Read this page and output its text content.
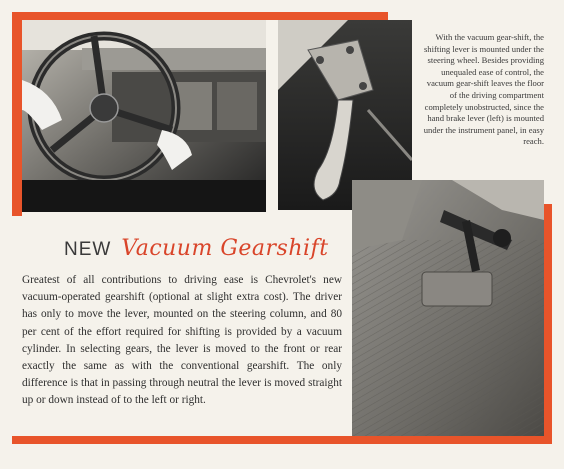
With the vacuum gear-shift, the shifting lever is mounted under the steering wheel. Besides providing unequaled ease of control, the vacuum gear-shift leaves the floor of the driving compartment completely unobstructed, since the hand brake lever (left) is mounted under the instrument panel, in easy reach.
NEW Vacuum Gearshift
Greatest of all contributions to driving ease is Chevrolet's new vacuum-operated gearshift (optional at slight extra cost). The driver has only to move the lever, mounted on the steering column, and 80 per cent of the effort required for shifting is provided by a vacuum cylinder. In selecting gears, the lever is moved to the front or rear exactly the same as with the conventional gearshift. The only difference is that in passing through neutral the lever is moved straight up or down instead of to the left or right.
